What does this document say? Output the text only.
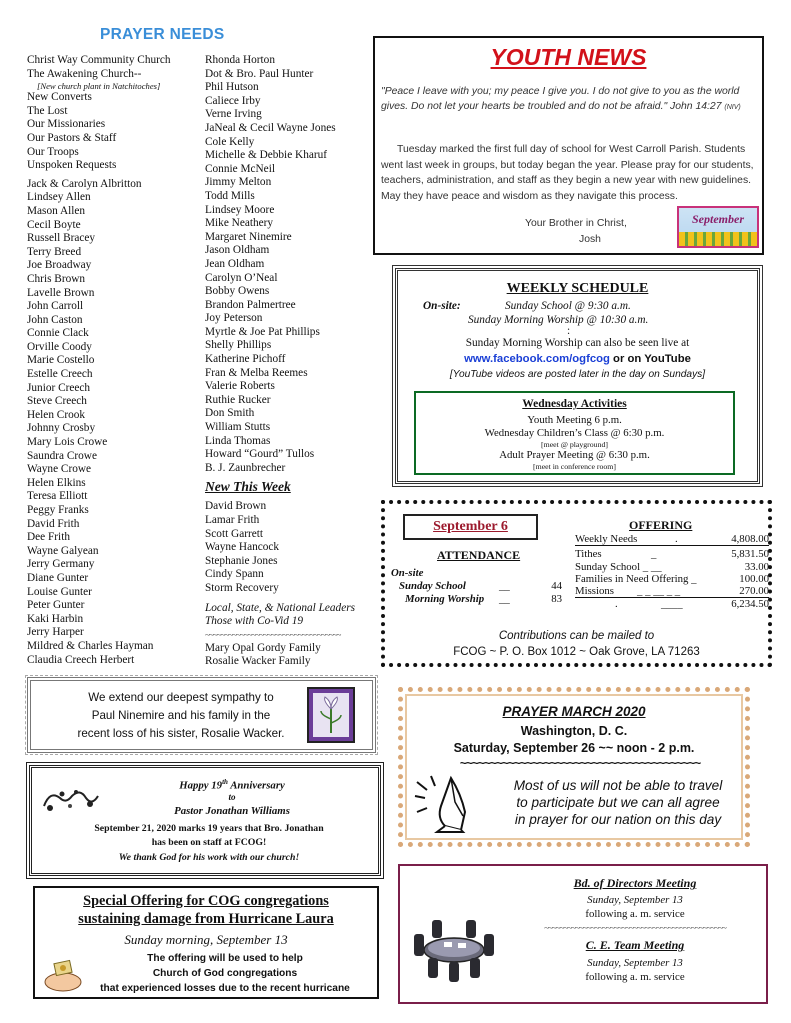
PRAYER NEEDS
Christ Way Community Church
The Awakening Church--
[New church plant in Natchitoches]
New Converts
The Lost
Our Missionaries
Our Pastors & Staff
Our Troops
Unspoken Requests
Jack & Carolyn Albritton
Lindsey Allen
Mason Allen
Cecil Boyte
Russell Bracey
Terry Breed
Joe Broadway
Chris Brown
Lavelle Brown
John Carroll
John Caston
Connie Clack
Orville Coody
Marie Costello
Estelle Creech
Junior Creech
Steve Creech
Helen Crook
Johnny Crosby
Mary Lois Crowe
Saundra Crowe
Wayne Crowe
Helen Elkins
Teresa Elliott
Peggy Franks
David Frith
Dee Frith
Wayne Galyean
Jerry Germany
Diane Gunter
Louise Gunter
Peter Gunter
Kaki Harbin
Jerry Harper
Mildred & Charles Hayman
Claudia Creech Herbert
Rhonda Horton
Dot & Bro. Paul Hunter
Phil Hutson
Caliece Irby
Verne Irving
JaNeal & Cecil Wayne Jones
Cole Kelly
Michelle & Debbie Kharuf
Connie McNeil
Jimmy Melton
Todd Mills
Lindsey Moore
Mike Neathery
Margaret Ninemire
Jason Oldham
Jean Oldham
Carolyn O’Neal
Bobby Owens
Brandon Palmertree
Joy Peterson
Myrtle & Joe Pat Phillips
Shelly Phillips
Katherine Pichoff
Fran & Melba Reemes
Valerie Roberts
Ruthie Rucker
Don Smith
William Stutts
Linda Thomas
Howard “Gourd” Tullos
B. J. Zaunbrecher
New This Week
David Brown
Lamar Frith
Scott Garrett
Wayne Hancock
Stephanie Jones
Cindy Spann
Storm Recovery
Local, State, & National Leaders
Those with Co-Vid 19
~~~~~~~~~~~~~~~~~~~~~~~~~~~~~~~~~~~
Mary Opal Gordy Family
Rosalie Wacker Family
YOUTH NEWS
"Peace I leave with you; my peace I give you. I do not give to you as the world gives. Do not let your hearts be troubled and do not be afraid." John 14:27 (NIV)
Tuesday marked the first full day of school for West Carroll Parish. Students went last week in groups, but today began the year. Please pray for our students, teachers, administration, and staff as they begin a new year with new guidelines. May they have peace and wisdom as they navigate this process.
Your Brother in Christ,
Josh
September
WEEKLY SCHEDULE
On-site:	Sunday School @ 9:30 a.m.
Sunday Morning Worship @ 10:30 a.m.
:
Sunday Morning Worship can also be seen live at
www.facebook.com/ogfcog or on YouTube
[YouTube videos are posted later in the day on Sundays]
Wednesday Activities
Youth Meeting 6 p.m.
Wednesday Children’s Class @ 6:30 p.m.
[meet @ playground]
Adult Prayer Meeting @ 6:30 p.m.
[meet in conference room]
September 6
ATTENDANCE
On-site
Sunday School	__	44
Morning Worship __	83
OFFERING
Weekly Needs	.	4,808.00
Tithes	_	5,831.50
Sunday School _ __	33.00
Families in Need Offering _	100.00
Missions _ _ __ _ _	270.00
.	____	6,234.50
Contributions can be mailed to
FCOG ~ P. O. Box 1012 ~ Oak Grove, LA 71263
We extend our deepest sympathy to
Paul Ninemire and his family in the
recent loss of his sister, Rosalie Wacker.
Happy 19th Anniversary
to
Pastor Jonathan Williams
September 21, 2020 marks 19 years that Bro. Jonathan
has been on staff at FCOG!
We thank God for his work with our church!
Special Offering for COG congregations
sustaining damage from Hurricane Laura
Sunday morning, September 13
The offering will be used to help
Church of God congregations
that experienced losses due to the recent hurricane
PRAYER MARCH 2020
Washington, D. C.
Saturday, September 26 ~~ noon - 2 p.m.
~~~~~~~~~~~~~~~~~~~~~~~~~~~~~~~~~~~~~~~~
Most of us will not be able to travel
to participate but we can all agree
in prayer for our nation on this day
Bd. of Directors Meeting
Sunday, September 13
following a. m. service
~~~~~~~~~~~~~~~~~~~~~~~~~~~~~~~~~~~~~~~~~~~~~~~
C. E. Team Meeting
Sunday, September 13
following a. m. service
